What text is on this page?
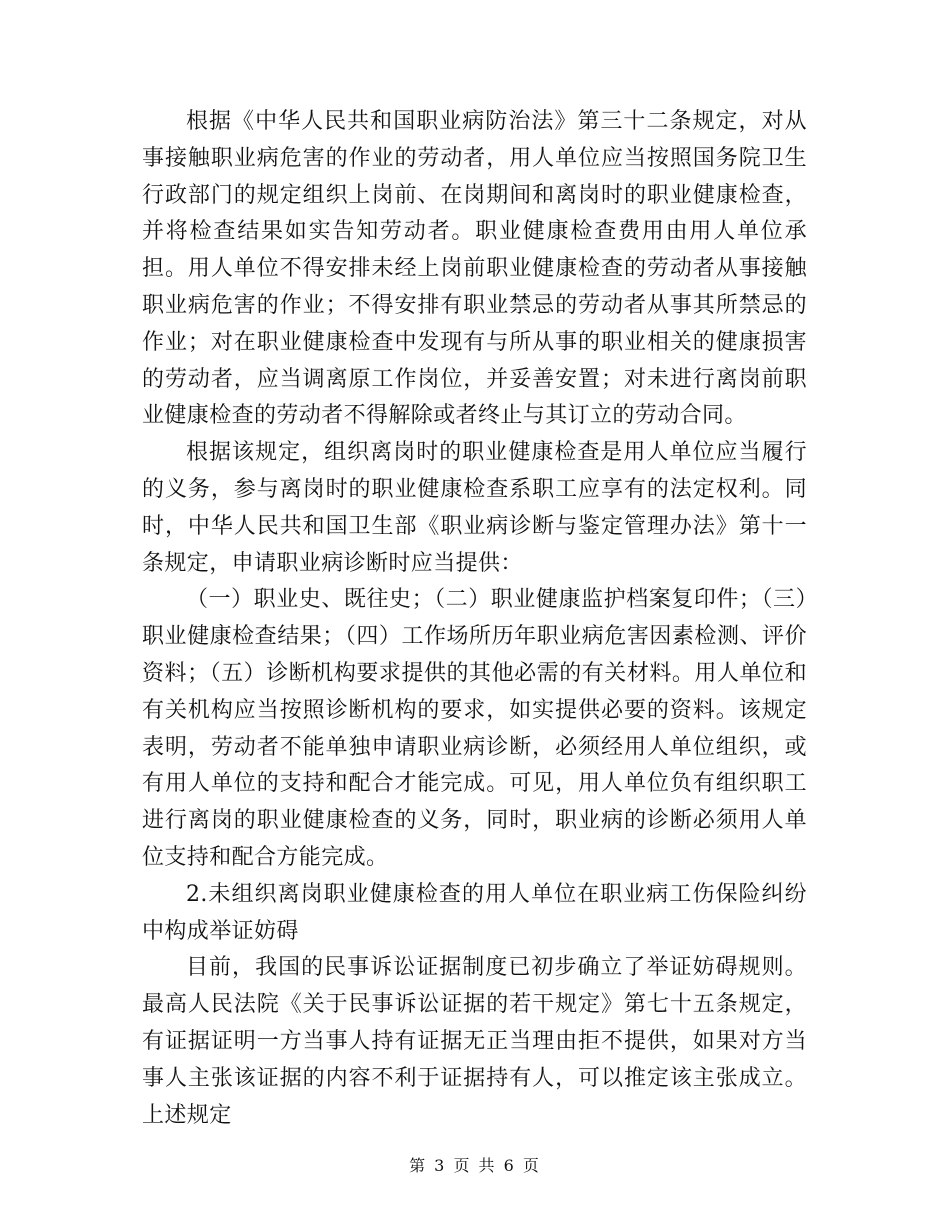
根据《中华人民共和国职业病防治法》第三十二条规定，对从事接触职业病危害的作业的劳动者，用人单位应当按照国务院卫生行政部门的规定组织上岗前、在岗期间和离岗时的职业健康检查，并将检查结果如实告知劳动者。职业健康检查费用由用人单位承担。用人单位不得安排未经上岗前职业健康检查的劳动者从事接触职业病危害的作业；不得安排有职业禁忌的劳动者从事其所禁忌的作业；对在职业健康检查中发现有与所从事的职业相关的健康损害的劳动者，应当调离原工作岗位，并妥善安置；对未进行离岗前职业健康检查的劳动者不得解除或者终止与其订立的劳动合同。

根据该规定，组织离岗时的职业健康检查是用人单位应当履行的义务，参与离岗时的职业健康检查系职工应享有的法定权利。同时，中华人民共和国卫生部《职业病诊断与鉴定管理办法》第十一条规定，申请职业病诊断时应当提供：

（一）职业史、既往史；（二）职业健康监护档案复印件；（三）职业健康检查结果；（四）工作场所历年职业病危害因素检测、评价资料；（五）诊断机构要求提供的其他必需的有关材料。用人单位和有关机构应当按照诊断机构的要求，如实提供必要的资料。该规定表明，劳动者不能单独申请职业病诊断，必须经用人单位组织，或有用人单位的支持和配合才能完成。可见，用人单位负有组织职工进行离岗的职业健康检查的义务，同时，职业病的诊断必须用人单位支持和配合方能完成。

2.未组织离岗职业健康检查的用人单位在职业病工伤保险纠纷中构成举证妨碍

目前，我国的民事诉讼证据制度已初步确立了举证妨碍规则。最高人民法院《关于民事诉讼证据的若干规定》第七十五条规定，有证据证明一方当事人持有证据无正当理由拒不提供，如果对方当事人主张该证据的内容不利于证据持有人，可以推定该主张成立。上述规定

第 3 页 共 6 页
